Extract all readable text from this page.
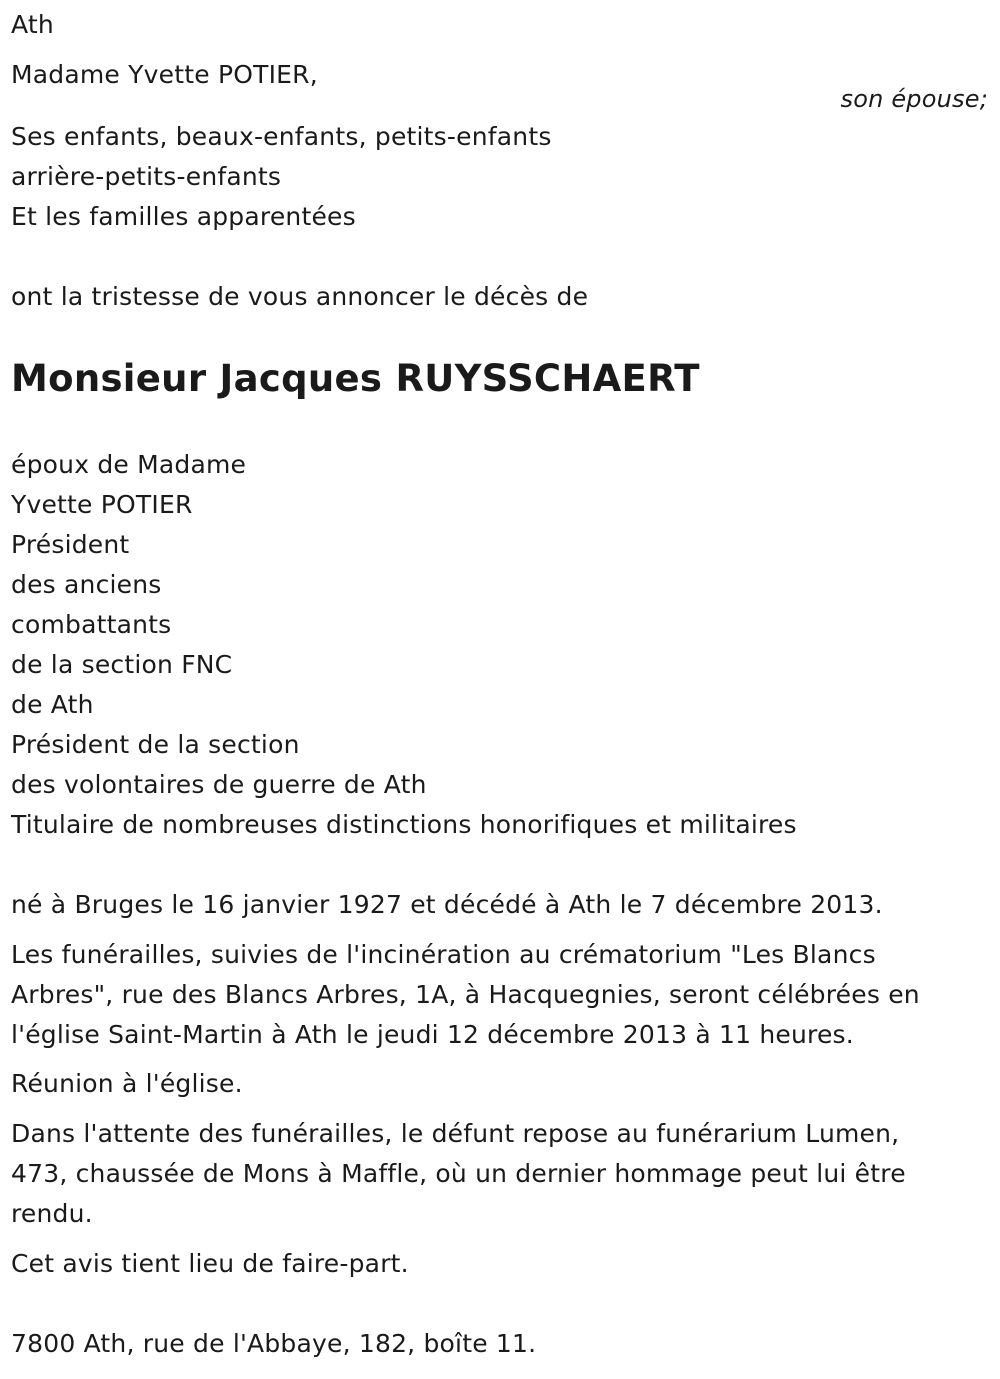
Ath
Madame Yvette POTIER,
son épouse;
Ses enfants, beaux-enfants, petits-enfants
arrière-petits-enfants
Et les familles apparentées
ont la tristesse de vous annoncer le décès de
Monsieur Jacques RUYSSCHAERT
époux de Madame
Yvette POTIER
Président
des anciens
combattants
de la section FNC
de Ath
Président de la section
des volontaires de guerre de Ath
Titulaire de nombreuses distinctions honorifiques et militaires
né à Bruges le 16 janvier 1927 et décédé à Ath le 7 décembre 2013.
Les funérailles, suivies de l'incinération au crématorium "Les Blancs
Arbres", rue des Blancs Arbres, 1A, à Hacquegnies, seront célébrées en
l'église Saint-Martin à Ath le jeudi 12 décembre 2013 à 11 heures.
Réunion à l'église.
Dans l'attente des funérailles, le défunt repose au funérarium Lumen,
473, chaussée de Mons à Maffle, où un dernier hommage peut lui être
rendu.
Cet avis tient lieu de faire-part.
7800 Ath, rue de l'Abbaye, 182, boîte 11.
